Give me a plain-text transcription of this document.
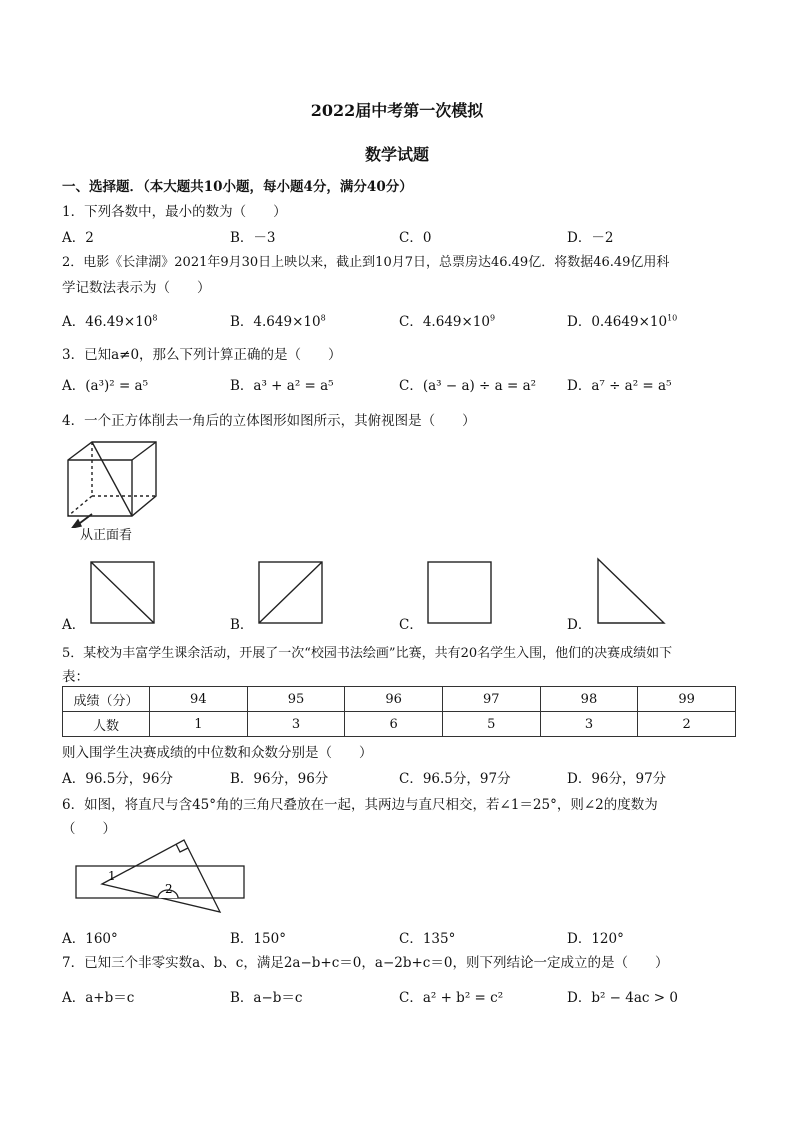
2022届中考第一次模拟
数学试题
一、选择题．（本大题共10小题，每小题4分，满分40分）
1．下列各数中，最小的数为（　　）
A．2	B．－3	C．0	D．－2
2．电影《长津湖》2021年9月30日上映以来，截止到10月7日，总票房达46.49亿．将数据46.49亿用科
学记数法表示为（　　）
A．$46.49\times 10^8$	B．$4.649\times 10^8$	C．$4.649\times 10^9$	D．$0.4649\times 10^{10}$
3．已知a≠0，那么下列计算正确的是（　　）
A．(a³)² = a⁵	B．a³ + a² = a⁵	C．(a³ − a) ÷ a = a² D．a⁷ ÷ a² = a⁵
4．一个正方体削去一角后的立体图形如图所示，其俯视图是（　　）
从正面看
A．	B．	C．	D．
5．某校为丰富学生课余活动，开展了一次“校园书法绘画”比赛，共有20名学生入围，他们的决赛成绩如下
表：
成绩（分）	94	95	96	97	98	99
人数	1	3	6	5	3	2
则入围学生决赛成绩的中位数和众数分别是（　　）
A．96.5分，96分	B．96分，96分	C．96.5分，97分	D．96分，97分
6．如图，将直尺与含45°角的三角尺叠放在一起，其两边与直尺相交，若∠1＝25°，则∠2的度数为
（　　）
1
2
A．160°	B．150°	C．135°	D．120°
7．已知三个非零实数a、b、c，满足2a−b+c＝0，a−2b+c＝0，则下列结论一定成立的是（　　）
A．a+b＝c	B．a−b＝c	C．a² + b² = c²	D．b² − 4ac > 0
